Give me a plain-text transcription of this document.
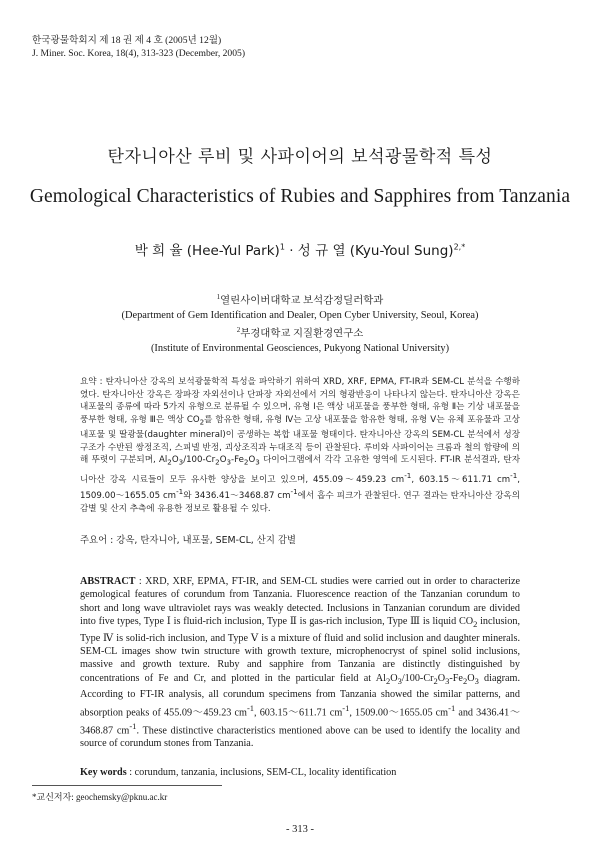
한국광물학회지 제 18 권 제 4 호 (2005년 12월)
J. Miner. Soc. Korea, 18(4), 313-323 (December, 2005)
탄자니아산 루비 및 사파이어의 보석광물학적 특성
Gemological Characteristics of Rubies and Sapphires from Tanzania
박 희 율 (Hee-Yul Park)$^1$ · 성 규 열 (Kyu-Youl Sung)$^{2,*}$
$^1$열린사이버대학교 보석감정딜러학과
(Department of Gem Identification and Dealer, Open Cyber University, Seoul, Korea)
$^2$부경대학교 지질환경연구소
(Institute of Environmental Geosciences, Pukyong National University)
요약 : 탄자니아산 강옥의 보석광물학적 특성을 파악하기 위하여 XRD, XRF, EPMA, FT-IR과 SEM-CL 분석을 수행하였다. 탄자니아산 강옥은 장파장 자외선이나 단파장 자외선에서 거의 형광반응이 나타나지 않는다. 탄자니아산 강옥은 내포물의 종류에 따라 5가지 유형으로 분류될 수 있으며, 유형 Ⅰ은 액상 내포물을 풍부한 형태, 유형 Ⅱ는 기상 내포물을 풍부한 형태, 유형 Ⅲ은 액상 $CO_2$를 함유한 형태, 유형 Ⅳ는 고상 내포물을 함유한 형태, 유형 Ⅴ는 유체 포유물과 고상 내포물 및 딸광물(daughter mineral)이 공생하는 복합 내포물 형태이다. 탄자니아산 강옥의 SEM-CL 분석에서 성장구조가 수반된 쌍정조직, 스피넬 반정, 괴상조직과 누대조직 등이 관찰된다. 루비와 사파이어는 크롬과 철의 함량에 의해 뚜렷이 구분되며, $Al_2O_3/100-Cr_2O_3-Fe_2O_3$ 다이어그램에서 각각 고유한 영역에 도시된다. FT-IR 분석결과, 탄자니아산 강옥 시료들이 모두 유사한 양상을 보이고 있으며, 455.09～459.23 $cm^{-1}$, 603.15～611.71 $cm^{-1}$, 1509.00～1655.05 $cm^{-1}$와 3436.41～3468.87 $cm^{-1}$에서 흡수 피크가 관찰된다. 연구 결과는 탄자니아산 강옥의 감별 및 산지 추측에 유용한 정보로 활용될 수 있다.
주요어 : 강옥, 탄자니아, 내포물, SEM-CL, 산지 감별
ABSTRACT : XRD, XRF, EPMA, FT-IR, and SEM-CL studies were carried out in order to characterize gemological features of corundum from Tanzania. Fluorescence reaction of the Tanzanian corundum to short and long wave ultraviolet rays was weakly detected. Inclusions in Tanzanian corundum are divided into five types, Type Ⅰ is fluid-rich inclusion, Type Ⅱ is gas-rich inclusion, Type Ⅲ is liquid $CO_2$ inclusion, Type Ⅳ is solid-rich inclusion, and Type Ⅴ is a mixture of fluid and solid inclusion and daughter minerals. SEM-CL images show twin structure with growth texture, microphenocryst of spinel solid inclusions, massive and growth texture. Ruby and sapphire from Tanzania are distinctly distinguished by concentrations of Fe and Cr, and plotted in the particular field at $Al_2O_3/100-Cr_2O_3-Fe_2O_3$ diagram. According to FT-IR analysis, all corundum specimens from Tanzania showed the similar patterns, and absorption peaks of 455.09～459.23 $cm^{-1}$, 603.15～611.71 $cm^{-1}$, 1509.00～1655.05 $cm^{-1}$ and 3436.41～3468.87 $cm^{-1}$. These distinctive characteristics mentioned above can be used to identify the locality and source of corundum stones from Tanzania.
Key words : corundum, tanzania, inclusions, SEM-CL, locality identification
*교신저자: geochemsky@pknu.ac.kr
- 313 -
